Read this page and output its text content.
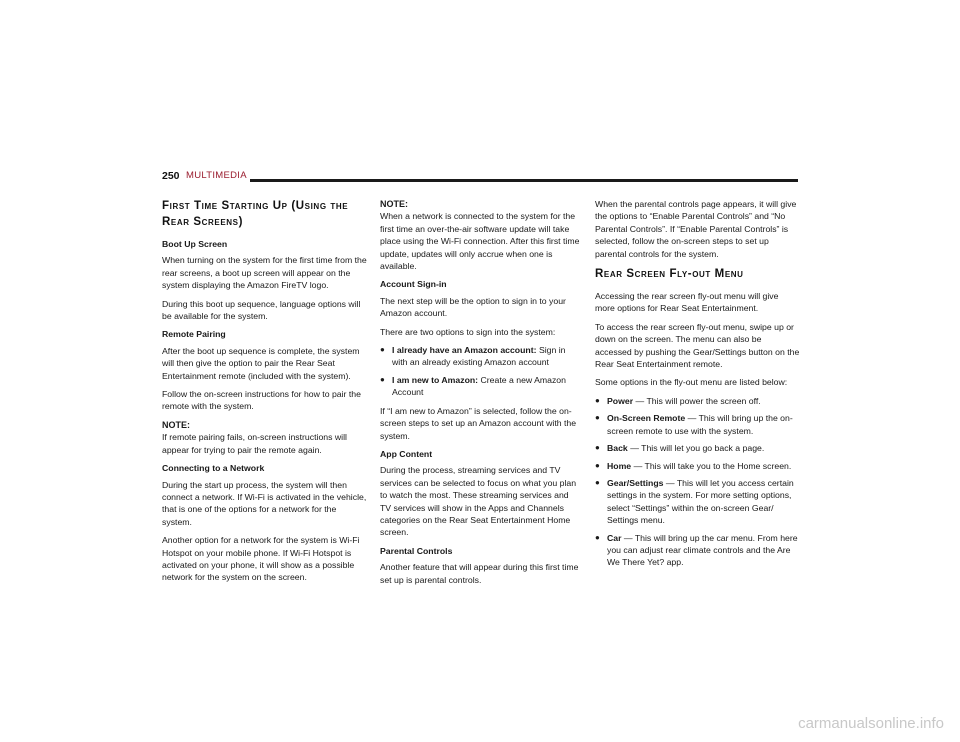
250 MULTIMEDIA
First Time Starting Up (Using the Rear Screens)

Boot Up Screen

When turning on the system for the first time from the rear screens, a boot up screen will appear on the system displaying the Amazon FireTV logo.

During this boot up sequence, language options will be available for the system.

Remote Pairing

After the boot up sequence is complete, the system will then give the option to pair the Rear Seat Entertainment remote (included with the system).

Follow the on-screen instructions for how to pair the remote with the system.

NOTE:
If remote pairing fails, on-screen instructions will appear for trying to pair the remote again.

Connecting to a Network

During the start up process, the system will then connect a network. If Wi-Fi is activated in the vehicle, that is one of the options for a network for the system.

Another option for a network for the system is Wi-Fi Hotspot on your mobile phone. If Wi-Fi Hotspot is activated on your phone, it will show as a possible network for the system on the screen.

NOTE:
When a network is connected to the system for the first time an over-the-air software update will take place using the Wi-Fi connection. After this first time update, updates will only accrue when one is available.

Account Sign-in

The next step will be the option to sign in to your Amazon account.

There are two options to sign into the system:

● I already have an Amazon account: Sign in with an already existing Amazon account
● I am new to Amazon: Create a new Amazon Account

If “I am new to Amazon” is selected, follow the on-screen steps to set up an Amazon account with the system.

App Content

During the process, streaming services and TV services can be selected to focus on what you plan to watch the most. These streaming services and TV services will show in the Apps and Channels categories on the Rear Seat Entertainment Home screen.

Parental Controls

Another feature that will appear during this first time set up is parental controls.

When the parental controls page appears, it will give the options to “Enable Parental Controls” and “No Parental Controls”. If “Enable Parental Controls” is selected, follow the on-screen steps to set up parental controls for the system.

Rear Screen Fly-out Menu

Accessing the rear screen fly-out menu will give more options for Rear Seat Entertainment.

To access the rear screen fly-out menu, swipe up or down on the screen. The menu can also be accessed by pushing the Gear/Settings button on the Rear Seat Entertainment remote.

Some options in the fly-out menu are listed below:

● Power — This will power the screen off.
● On-Screen Remote — This will bring up the on-screen remote to use with the system.
● Back — This will let you go back a page.
● Home — This will take you to the Home screen.
● Gear/Settings — This will let you access certain settings in the system. For more setting options, select “Settings” within the on-screen Gear/ Settings menu.
● Car — This will bring up the car menu. From here you can adjust rear climate controls and the Are We There Yet? app.
carmanualsonline.info
